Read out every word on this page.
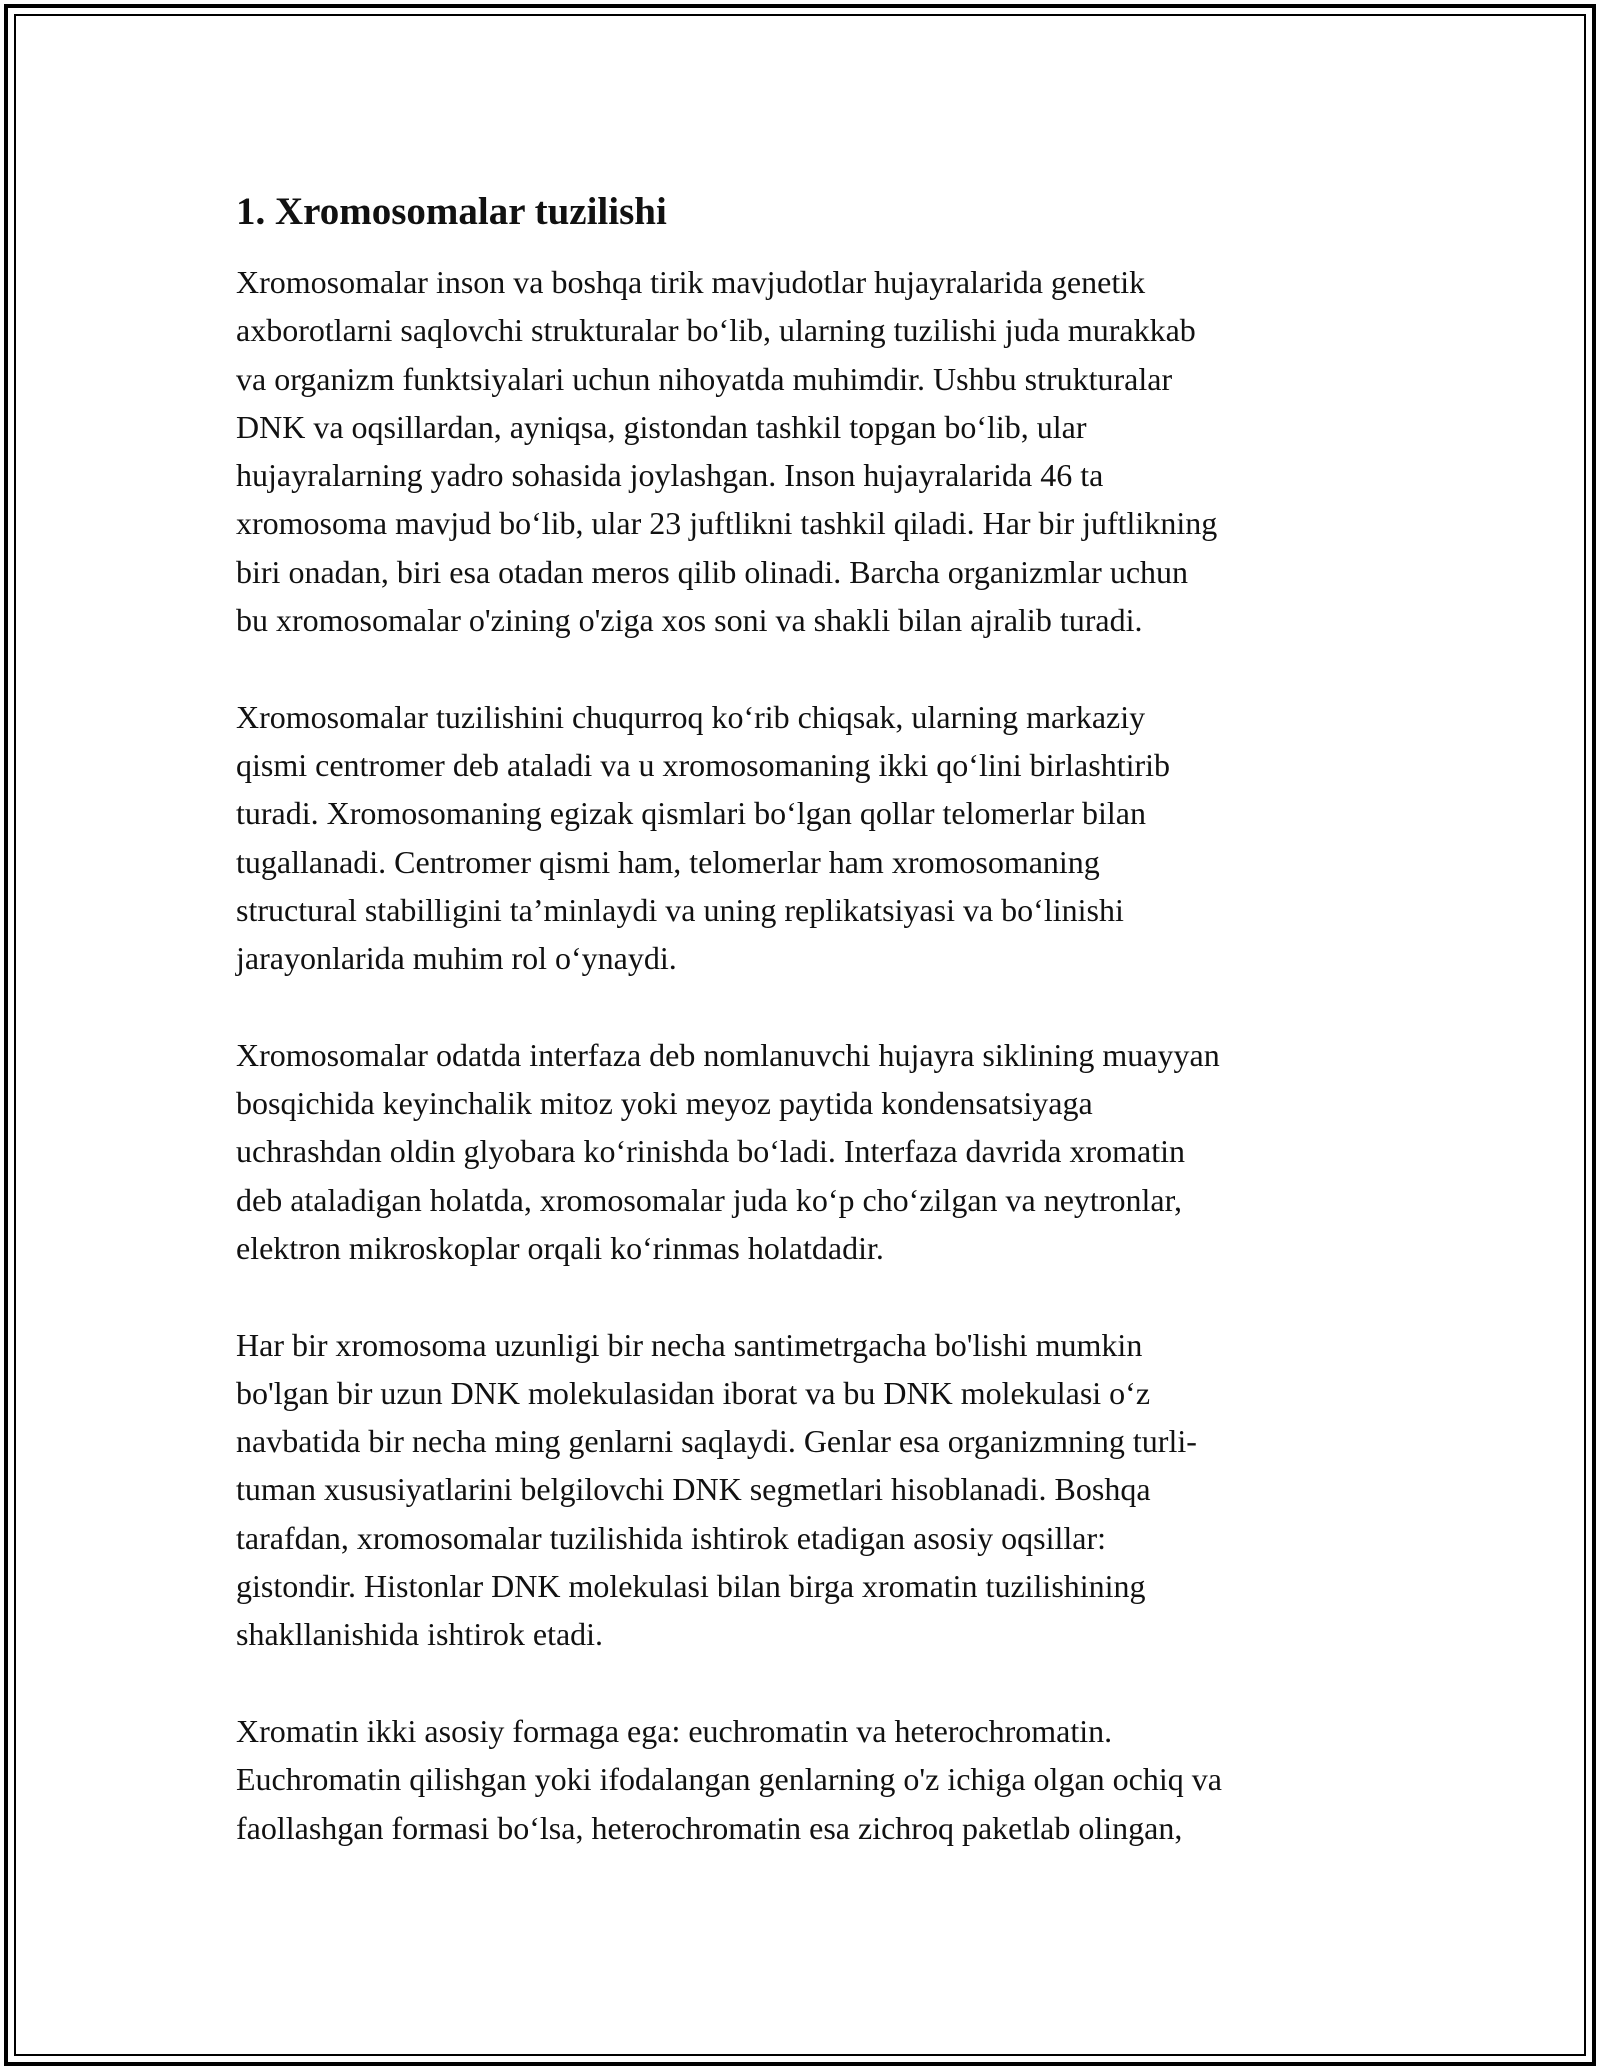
1. Xromosomalar tuzilishi

Xromosomalar inson va boshqa tirik mavjudotlar hujayralarida genetik
axborotlarni saqlovchi strukturalar bo‘lib, ularning tuzilishi juda murakkab
va organizm funktsiyalari uchun nihoyatda muhimdir. Ushbu strukturalar
DNK va oqsillardan, ayniqsa, gistondan tashkil topgan bo‘lib, ular
hujayralarning yadro sohasida joylashgan. Inson hujayralarida 46 ta
xromosoma mavjud bo‘lib, ular 23 juftlikni tashkil qiladi. Har bir juftlikning
biri onadan, biri esa otadan meros qilib olinadi. Barcha organizmlar uchun
bu xromosomalar o'zining o'ziga xos soni va shakli bilan ajralib turadi.

Xromosomalar tuzilishini chuqurroq ko‘rib chiqsak, ularning markaziy
qismi centromer deb ataladi va u xromosomaning ikki qo‘lini birlashtirib
turadi. Xromosomaning egizak qismlari bo‘lgan qollar telomerlar bilan
tugallanadi. Centromer qismi ham, telomerlar ham xromosomaning
structural stabilligini ta’minlaydi va uning replikatsiyasi va bo‘linishi
jarayonlarida muhim rol o‘ynaydi.

Xromosomalar odatda interfaza deb nomlanuvchi hujayra siklining muayyan
bosqichida keyinchalik mitoz yoki meyoz paytida kondensatsiyaga
uchrashdan oldin glyobara ko‘rinishda bo‘ladi. Interfaza davrida xromatin
deb ataladigan holatda, xromosomalar juda ko‘p cho‘zilgan va neytronlar,
elektron mikroskoplar orqali ko‘rinmas holatdadir.

Har bir xromosoma uzunligi bir necha santimetrgacha bo'lishi mumkin
bo'lgan bir uzun DNK molekulasidan iborat va bu DNK molekulasi o‘z
navbatida bir necha ming genlarni saqlaydi. Genlar esa organizmning turli-
tuman xususiyatlarini belgilovchi DNK segmetlari hisoblanadi. Boshqa
tarafdan, xromosomalar tuzilishida ishtirok etadigan asosiy oqsillar:
gistondir. Histonlar DNK molekulasi bilan birga xromatin tuzilishining
shakllanishida ishtirok etadi.

Xromatin ikki asosiy formaga ega: euchromatin va heterochromatin.
Euchromatin qilishgan yoki ifodalangan genlarning o'z ichiga olgan ochiq va
faollashgan formasi bo‘lsa, heterochromatin esa zichroq paketlab olingan,
